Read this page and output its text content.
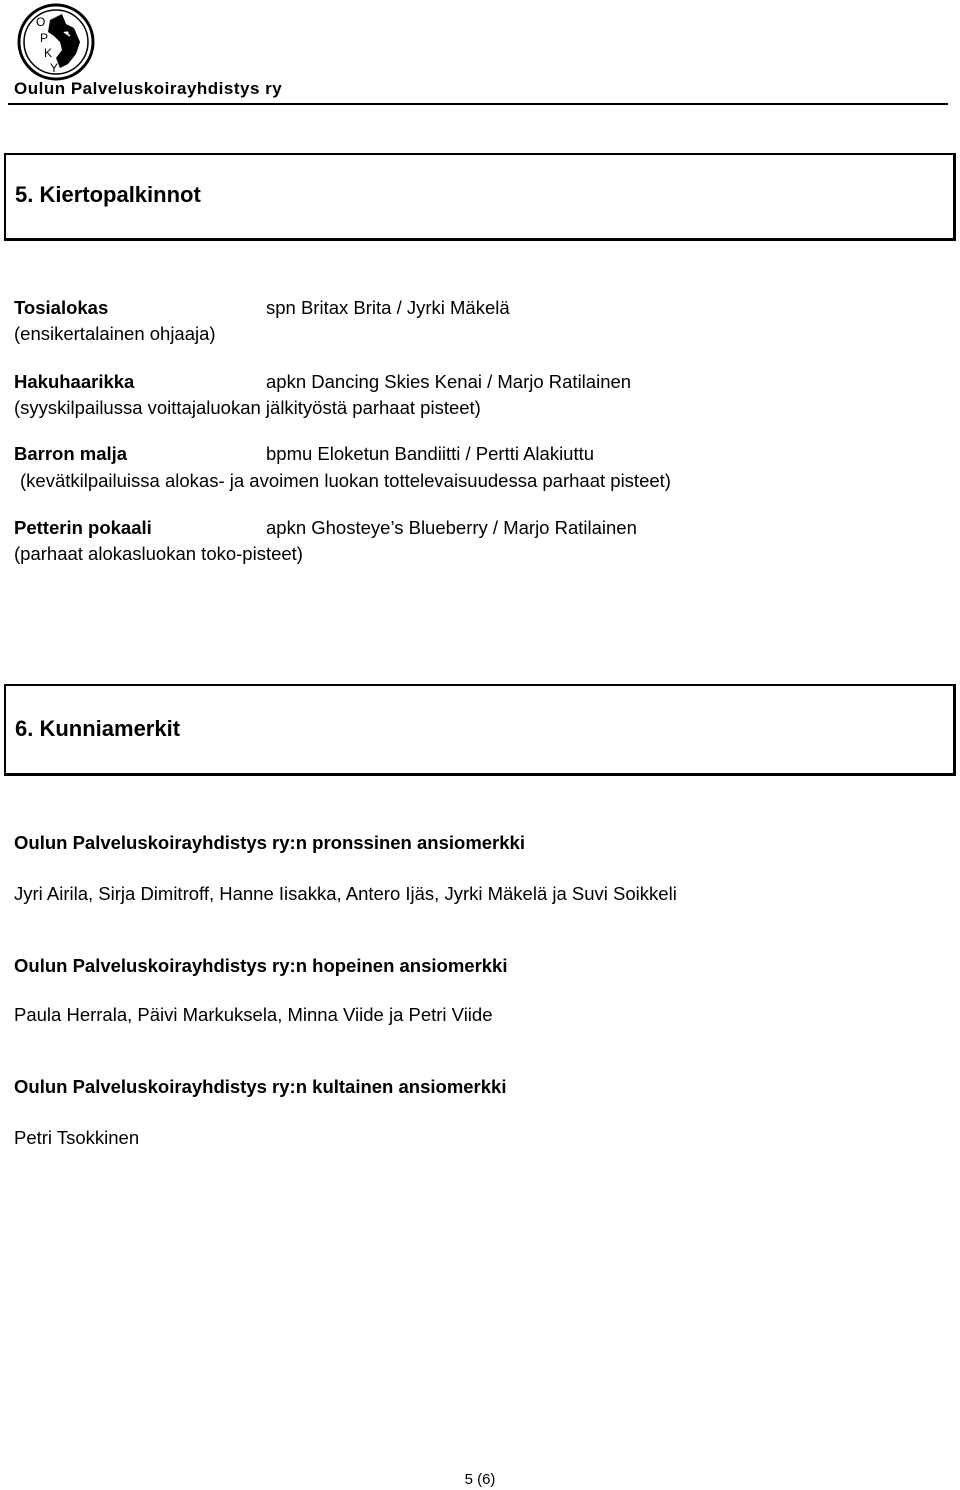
O
P
K
Y
Oulun Palveluskoirayhdistys ry
5. Kiertopalkinnot
Tosialokas	spn Britax Brita / Jyrki Mäkelä
(ensikertalainen ohjaaja)
Hakuhaarikka	apkn Dancing Skies Kenai / Marjo Ratilainen
(syyskilpailussa voittajaluokan jälkityöstä parhaat pisteet)
Barron malja	bpmu Eloketun Bandiitti / Pertti Alakiuttu
(kevätkilpailuissa alokas- ja avoimen luokan tottelevaisuudessa parhaat pisteet)
Petterin pokaali	apkn Ghosteye’s Blueberry / Marjo Ratilainen
(parhaat alokasluokan toko-pisteet)
6. Kunniamerkit
Oulun Palveluskoirayhdistys ry:n pronssinen ansiomerkki
Jyri Airila, Sirja Dimitroff, Hanne Iisakka, Antero Ijäs, Jyrki Mäkelä ja Suvi Soikkeli
Oulun Palveluskoirayhdistys ry:n hopeinen ansiomerkki
Paula Herrala, Päivi Markuksela, Minna Viide ja Petri Viide
Oulun Palveluskoirayhdistys ry:n kultainen ansiomerkki
Petri Tsokkinen
5 (6)
